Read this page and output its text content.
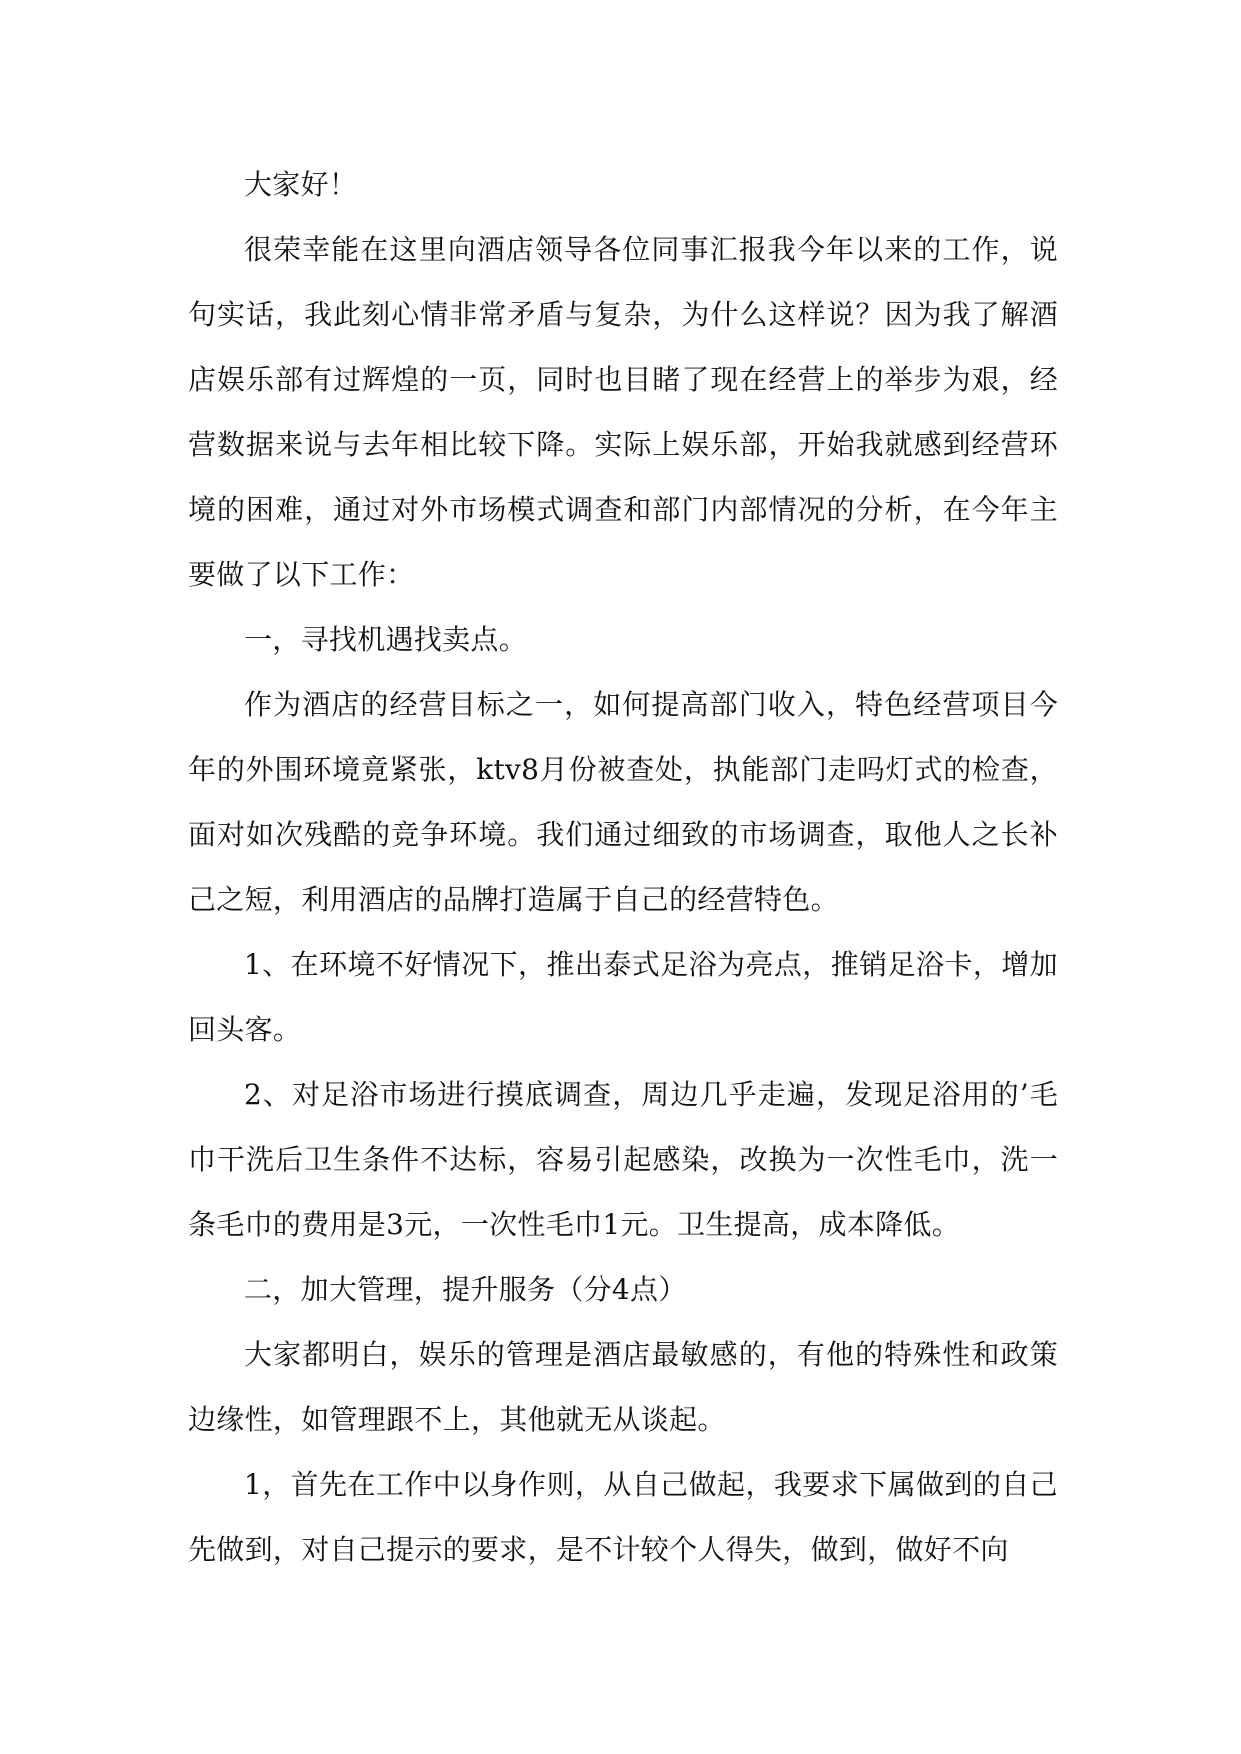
大家好！

很荣幸能在这里向酒店领导各位同事汇报我今年以来的工作，说句实话，我此刻心情非常矛盾与复杂，为什么这样说？因为我了解酒店娱乐部有过辉煌的一页，同时也目睹了现在经营上的举步为艰，经营数据来说与去年相比较下降。实际上娱乐部，开始我就感到经营环境的困难，通过对外市场模式调查和部门内部情况的分析，在今年主要做了以下工作：

一，寻找机遇找卖点。

作为酒店的经营目标之一，如何提高部门收入，特色经营项目今年的外围环境竟紧张，ktv8月份被查处，执能部门走吗灯式的检查，面对如次残酷的竞争环境。我们通过细致的市场调查，取他人之长补己之短，利用酒店的品牌打造属于自己的经营特色。

1、在环境不好情况下，推出泰式足浴为亮点，推销足浴卡，增加回头客。

2、对足浴市场进行摸底调查，周边几乎走遍，发现足浴用的’毛巾干洗后卫生条件不达标，容易引起感染，改换为一次性毛巾，洗一条毛巾的费用是3元，一次性毛巾1元。卫生提高，成本降低。

二，加大管理，提升服务（分4点）

大家都明白，娱乐的管理是酒店最敏感的，有他的特殊性和政策边缘性，如管理跟不上，其他就无从谈起。

1，首先在工作中以身作则，从自己做起，我要求下属做到的自己先做到，对自己提示的要求，是不计较个人得失，做到，做好不向
